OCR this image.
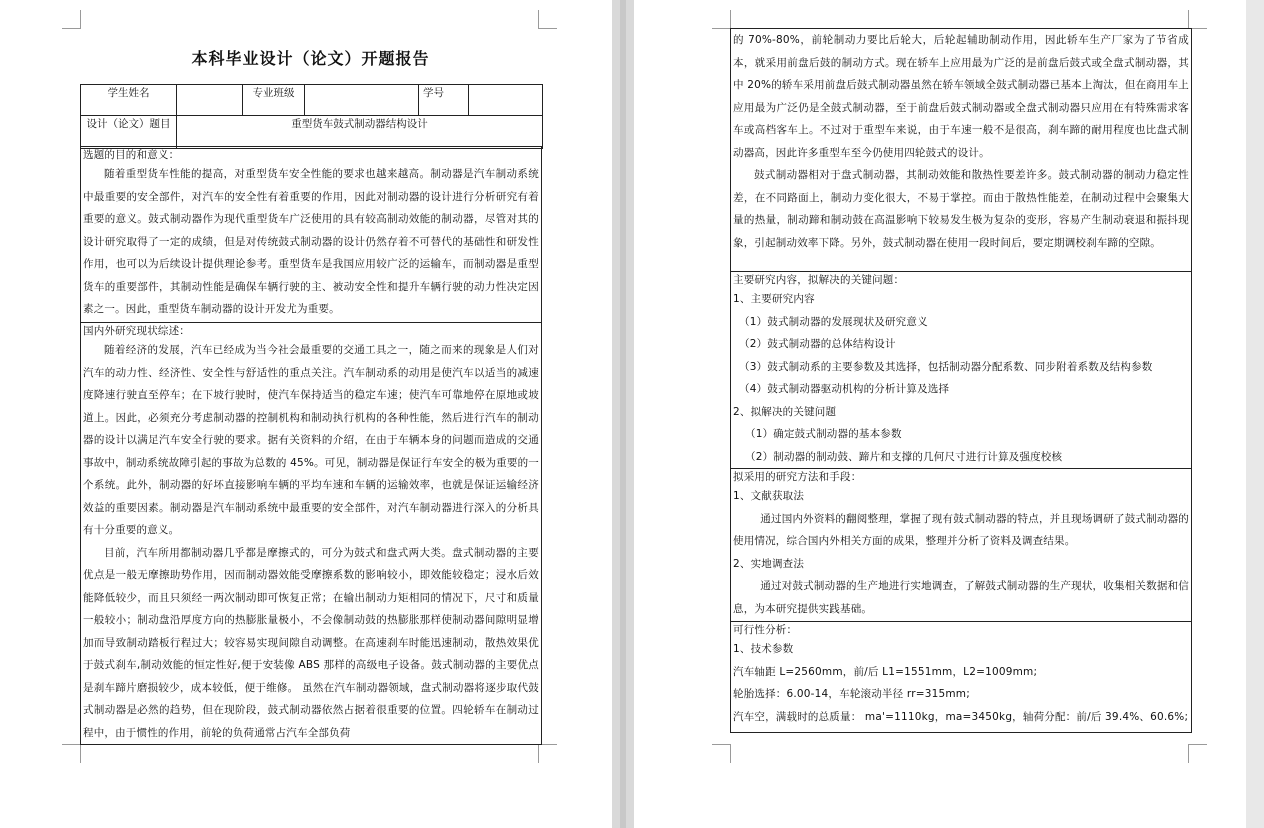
本科毕业设计（论文）开题报告
学生姓名		专业班级		学号	
设计（论文）题目	重型货车鼓式制动器结构设计				

选题的目的和意义：

随着重型货车性能的提高，对重型货车安全性能的要求也越来越高。制动器是汽车制动系统中最重要的安全部件，对汽车的安全性有着重要的作用，因此对制动器的设计进行分析研究有着重要的意义。鼓式制动器作为现代重型货车广泛使用的具有较高制动效能的制动器，尽管对其的设计研究取得了一定的成绩，但是对传统鼓式制动器的设计仍然存着不可替代的基础性和研发性作用，也可以为后续设计提供理论参考。重型货车是我国应用较广泛的运输车，而制动器是重型货车的重要部件，其制动性能是确保车辆行驶的主、被动安全性和提升车辆行驶的动力性决定因素之一。因此，重型货车制动器的设计开发尤为重要。

国内外研究现状综述：

随着经济的发展，汽车已经成为当今社会最重要的交通工具之一，随之而来的现象是人们对汽车的动力性、经济性、安全性与舒适性的重点关注。汽车制动系的动用是使汽车以适当的减速度降速行驶直至停车；在下坡行驶时，使汽车保持适当的稳定车速；使汽车可靠地停在原地或坡道上。因此，必须充分考虑制动器的控制机构和制动执行机构的各种性能，然后进行汽车的制动器的设计以满足汽车安全行驶的要求。据有关资料的介绍，在由于车辆本身的问题而造成的交通事故中，制动系统故障引起的事故为总数的 45%。可见，制动器是保证行车安全的极为重要的一个系统。此外，制动器的好坏直接影响车辆的平均车速和车辆的运输效率，也就是保证运输经济效益的重要因素。制动器是汽车制动系统中最重要的安全部件，对汽车制动器进行深入的分析具有十分重要的意义。

目前，汽车所用都制动器几乎都是摩擦式的，可分为鼓式和盘式两大类。盘式制动器的主要优点是一般无摩擦助势作用，因而制动器效能受摩擦系数的影响较小，即效能较稳定；浸水后效能降低较少，而且只须经一两次制动即可恢复正常；在输出制动力矩相同的情况下，尺寸和质量一般较小；制动盘沿厚度方向的热膨胀量极小，不会像制动鼓的热膨胀那样使制动器间隙明显增加而导致制动踏板行程过大；较容易实现间隙自动调整。在高速刹车时能迅速制动，散热效果优于鼓式刹车,制动效能的恒定性好,便于安装像 ABS 那样的高级电子设备。鼓式制动器的主要优点是刹车蹄片磨损较少，成本较低，便于维修。 虽然在汽车制动器领域，盘式制动器将逐步取代鼓式制动器是必然的趋势，但在现阶段，鼓式制动器依然占据着很重要的位置。四轮轿车在制动过程中，由于惯性的作用，前轮的负荷通常占汽车全部负荷

的 70%-80%，前轮制动力要比后轮大，后轮起辅助制动作用，因此轿车生产厂家为了节省成本，就采用前盘后鼓的制动方式。现在轿车上应用最为广泛的是前盘后鼓式或全盘式制动器，其中 20%的轿车采用前盘后鼓式制动器虽然在轿车领域全鼓式制动器已基本上淘汰，但在商用车上应用最为广泛仍是全鼓式制动器，至于前盘后鼓式制动器或全盘式制动器只应用在有特殊需求客车或高档客车上。不过对于重型车来说，由于车速一般不是很高，刹车蹄的耐用程度也比盘式制动器高，因此许多重型车至今仍使用四轮鼓式的设计。

鼓式制动器相对于盘式制动器，其制动效能和散热性要差许多。鼓式制动器的制动力稳定性差，在不同路面上，制动力变化很大，不易于掌控。而由于散热性能差，在制动过程中会聚集大量的热量，制动蹄和制动鼓在高温影响下较易发生极为复杂的变形，容易产生制动衰退和振抖现象，引起制动效率下降。另外，鼓式制动器在使用一段时间后，要定期调校刹车蹄的空隙。

主要研究内容，拟解决的关键问题：

1、主要研究内容

（1）鼓式制动器的发展现状及研究意义

（2）鼓式制动器的总体结构设计

（3）鼓式制动系的主要参数及其选择，包括制动器分配系数、同步附着系数及结构参数

（4）鼓式制动器驱动机构的分析计算及选择

2、拟解决的关键问题

（1）确定鼓式制动器的基本参数

（2）制动器的制动鼓、蹄片和支撑的几何尺寸进行计算及强度校核

拟采用的研究方法和手段：

1、文献获取法

通过国内外资料的翻阅整理，掌握了现有鼓式制动器的特点，并且现场调研了鼓式制动器的使用情况，综合国内外相关方面的成果，整理并分析了资料及调查结果。

2、实地调查法

通过对鼓式制动器的生产地进行实地调查，了解鼓式制动器的生产现状，收集相关数据和信息，为本研究提供实践基础。

可行性分析：

1、技术参数

汽车轴距 L=2560mm，前/后 L1=1551mm，L2=1009mm;

轮胎选择：6.00-14，车轮滚动半径 rr=315mm;

汽车空，满载时的总质量： ma'=1110kg，ma=3450kg，轴荷分配：前/后 39.4%、60.6%;
